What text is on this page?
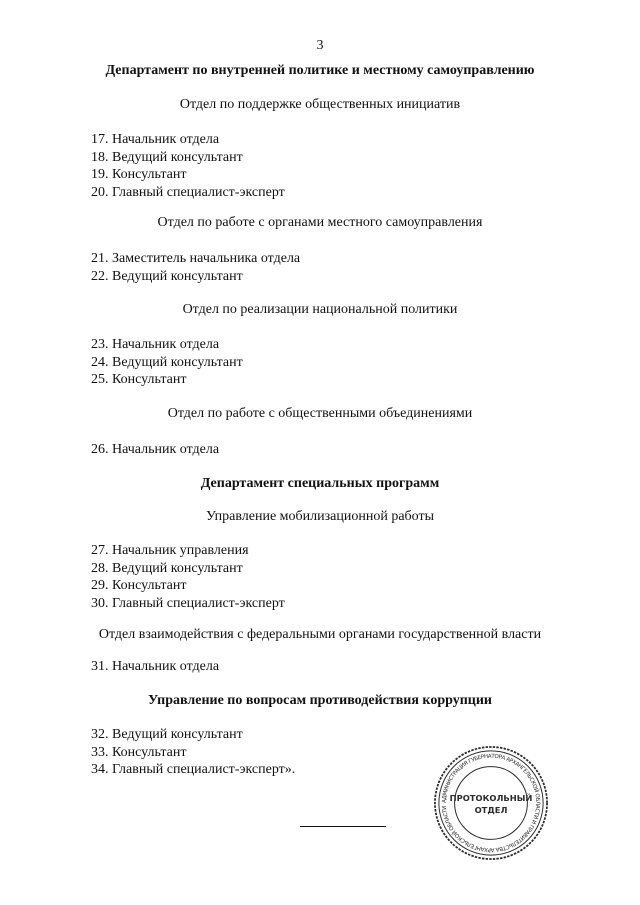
3
Департамент по внутренней политике и местному самоуправлению
Отдел по поддержке общественных инициатив
17. Начальник отдела
18. Ведущий консультант
19. Консультант
20. Главный специалист-эксперт
Отдел по работе с органами местного самоуправления
21. Заместитель начальника отдела
22. Ведущий консультант
Отдел по реализации национальной политики
23. Начальник отдела
24. Ведущий консультант
25. Консультант
Отдел по работе с общественными объединениями
26. Начальник отдела
Департамент специальных программ
Управление мобилизационной работы
27. Начальник управления
28. Ведущий консультант
29. Консультант
30. Главный специалист-эксперт
Отдел взаимодействия с федеральными органами государственной власти
31. Начальник отдела
Управление по вопросам противодействия коррупции
32. Ведущий консультант
33. Консультант
34. Главный специалист-эксперт».
АДМИНИСТРАЦИЯ ГУБЕРНАТОРА АРХАНГЕЛЬСКОЙ ОБЛАСТИ И ПРАВИТЕЛЬСТВА АРХАНГЕЛЬСКОЙ ОБЛАСТИ
ПРОТОКОЛЬНЫЙ
ОТДЕЛ
